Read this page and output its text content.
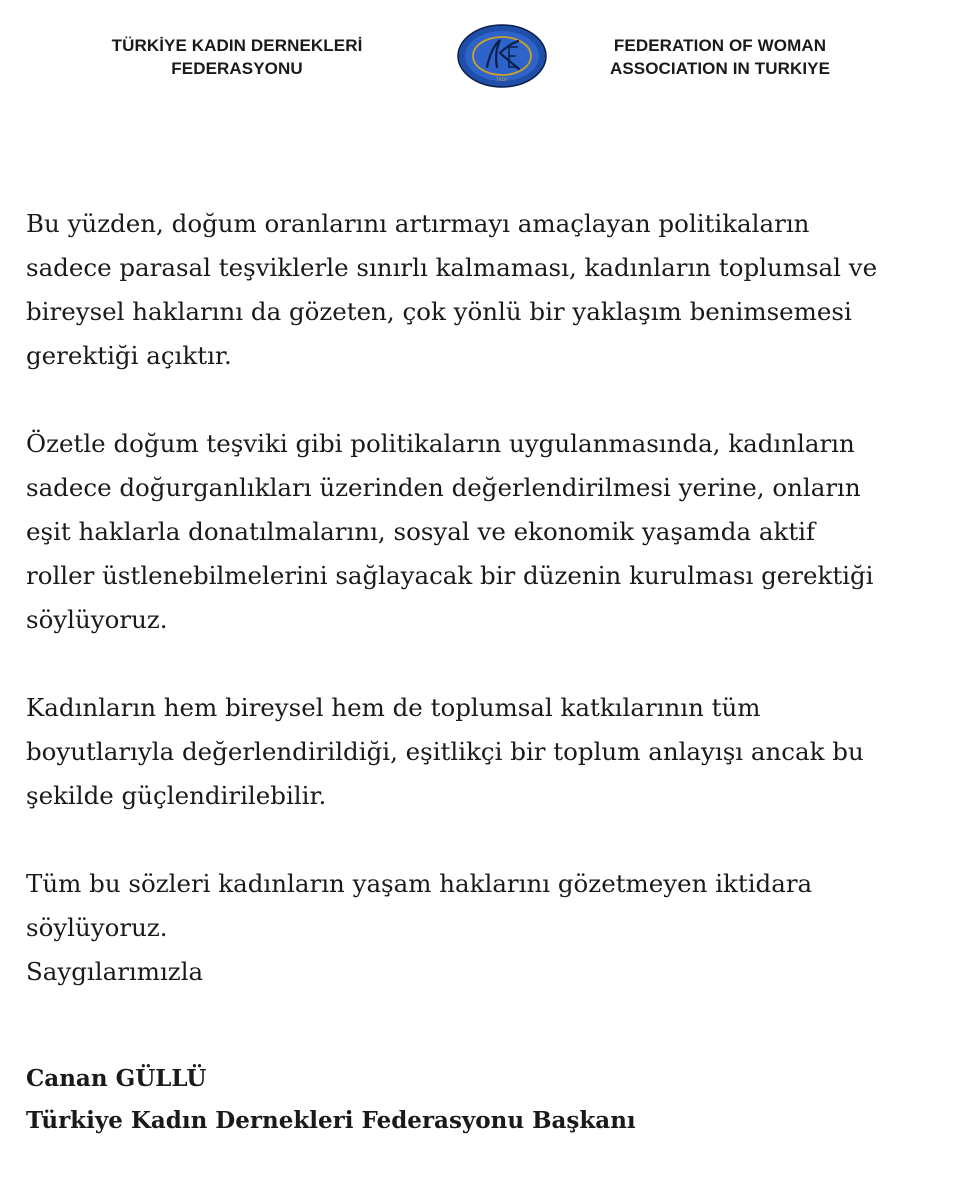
TÜRKİYE KADIN DERNEKLERİ
FEDERASYONU
TKDF
FEDERATION OF WOMAN
ASSOCIATION IN TURKIYE

Bu yüzden, doğum oranlarını artırmayı amaçlayan politikaların
sadece parasal teşviklerle sınırlı kalmaması, kadınların toplumsal ve
bireysel haklarını da gözeten, çok yönlü bir yaklaşım benimsemesi
gerektiği açıktır.

Özetle doğum teşviki gibi politikaların uygulanmasında, kadınların
sadece doğurganlıkları üzerinden değerlendirilmesi yerine, onların
eşit haklarla donatılmalarını, sosyal ve ekonomik yaşamda aktif
roller üstlenebilmelerini sağlayacak bir düzenin kurulması gerektiği
söylüyoruz.

Kadınların hem bireysel hem de toplumsal katkılarının tüm
boyutlarıyla değerlendirildiği, eşitlikçi bir toplum anlayışı ancak bu
şekilde güçlendirilebilir.

Tüm bu sözleri kadınların yaşam haklarını gözetmeyen iktidara
söylüyoruz.

Saygılarımızla
Canan GÜLLÜ
Türkiye Kadın Dernekleri Federasyonu Başkanı
